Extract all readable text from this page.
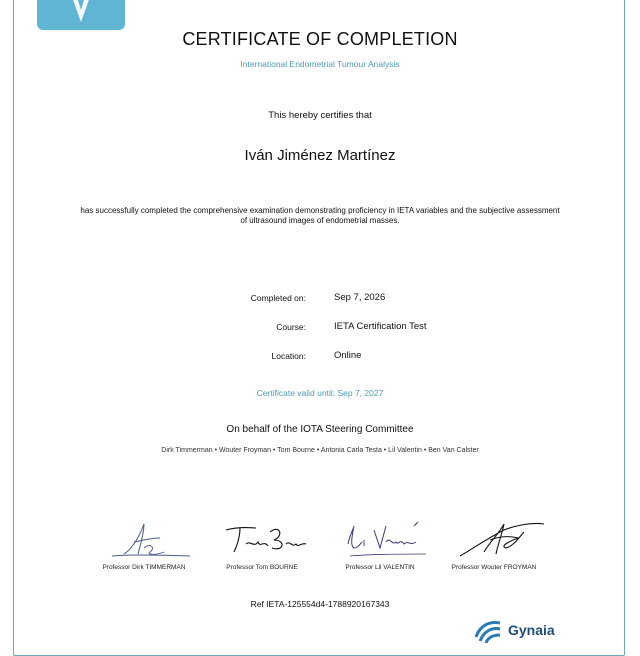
CERTIFICATE OF COMPLETION
International Endometrial Tumour Analysis
This hereby certifies that
Iván Jiménez Martínez
has successfully completed the comprehensive examination demonstrating proficiency in IETA variables and the subjective assessment of ultrasound images of endometrial masses.
Completed on:	Sep 7, 2026
Course:	IETA Certification Test
Location:	Online
Certificate valid until: Sep 7, 2027
On behalf of the IOTA Steering Committee
Dirk Timmerman • Wouter Froyman • Tom Bourne • Antonia Carla Testa • Lil Valentin • Ben Van Calster
Professor Dirk TIMMERMAN	Professor Tom BOURNE	Professor Lil VALENTIN	Professor Wouter FROYMAN
Ref IETA-125554d4-1788920167343
Gynaia
